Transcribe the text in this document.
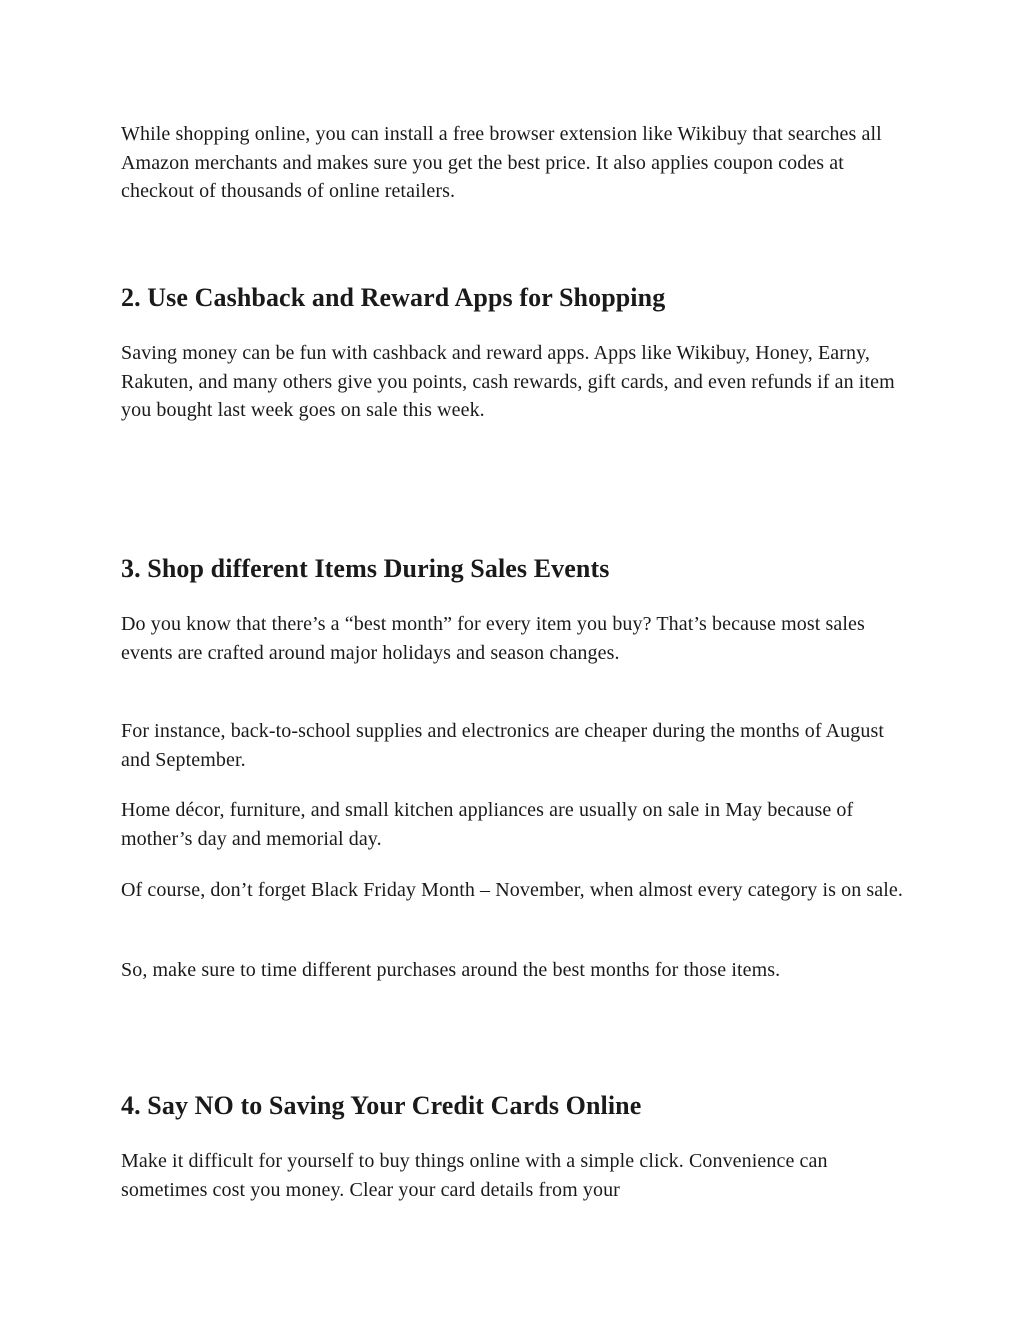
While shopping online, you can install a free browser extension like Wikibuy that searches all Amazon merchants and makes sure you get the best price. It also applies coupon codes at checkout of thousands of online retailers.

2. Use Cashback and Reward Apps for Shopping

Saving money can be fun with cashback and reward apps. Apps like Wikibuy, Honey, Earny, Rakuten, and many others give you points, cash rewards, gift cards, and even refunds if an item you bought last week goes on sale this week.

3. Shop different Items During Sales Events

Do you know that there’s a “best month” for every item you buy? That’s because most sales events are crafted around major holidays and season changes.

For instance, back-to-school supplies and electronics are cheaper during the months of August and September.

Home décor, furniture, and small kitchen appliances are usually on sale in May because of mother’s day and memorial day.

Of course, don’t forget Black Friday Month – November, when almost every category is on sale.

So, make sure to time different purchases around the best months for those items.

4. Say NO to Saving Your Credit Cards Online

Make it difficult for yourself to buy things online with a simple click. Convenience can sometimes cost you money. Clear your card details from your
